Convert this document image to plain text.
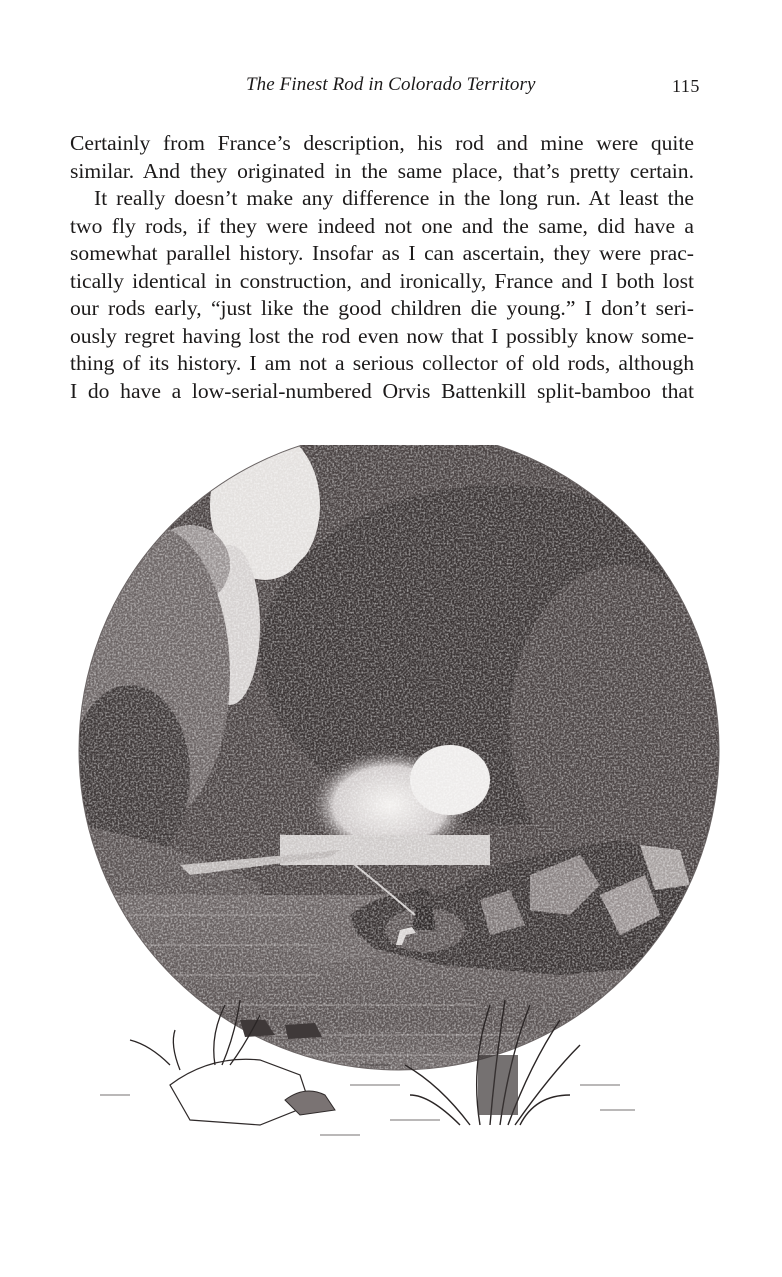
The Finest Rod in Colorado Territory	115
Certainly from France’s description, his rod and mine were quite
similar. And they originated in the same place, that’s pretty certain.
It really doesn’t make any difference in the long run. At least the
two fly rods, if they were indeed not one and the same, did have a
somewhat parallel history. Insofar as I can ascertain, they were prac-
tically identical in construction, and ironically, France and I both lost
our rods early, “just like the good children die young.” I don’t seri-
ously regret having lost the rod even now that I possibly know some-
thing of its history. I am not a serious collector of old rods, although
I do have a low-serial-numbered Orvis Battenkill split-bamboo that
